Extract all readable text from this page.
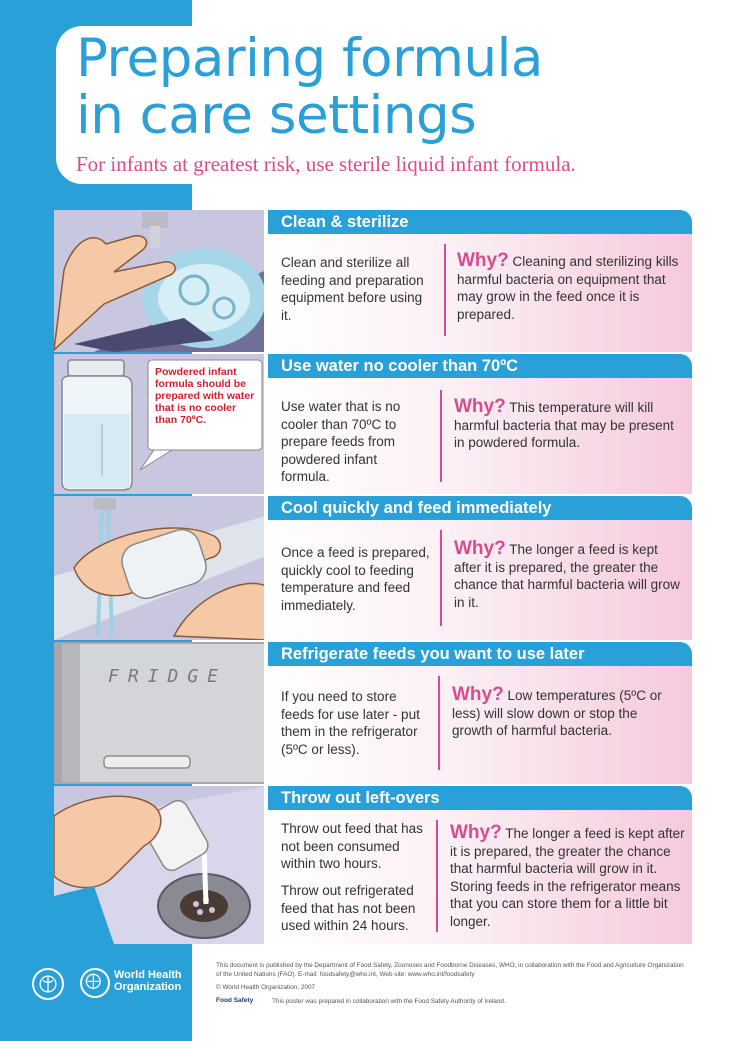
Preparing formula
in care settings
For infants at greatest risk, use sterile liquid infant formula.
Clean & sterilize
Clean and sterilize all feeding and preparation equipment before using it.
Why? Cleaning and sterilizing kills harmful bacteria on equipment that may grow in the feed once it is prepared.
Powdered infant formula should be prepared with water that is no cooler than 70ºC.
Use water no cooler than 70ºC
Use water that is no cooler than 70ºC to prepare feeds from powdered infant formula.
Why? This temperature will kill harmful bacteria that may be present in powdered formula.
Cool quickly and feed immediately
Once a feed is prepared, quickly cool to feeding temperature and feed immediately.
Why? The longer a feed is kept after it is prepared, the greater the chance that harmful bacteria will grow in it.
FRIDGE
Refrigerate feeds you want to use later
If you need to store feeds for use later - put them in the refrigerator (5ºC or less).
Why? Low temperatures (5ºC or less) will slow down or stop the growth of harmful bacteria.
Throw out left-overs
Throw out feed that has not been consumed within two hours.
Throw out refrigerated feed that has not been used within 24 hours.
Why? The longer a feed is kept after it is prepared, the greater the chance that harmful bacteria will grow in it. Storing feeds in the refrigerator means that you can store them for a little bit longer.
World Health
Organization
This document is published by the Department of Food Safety, Zoonoses and Foodborne Diseases, WHO, in collaboration with the Food and Agriculture Organization of the United Nations (FAO). E-mail: foodsafety@who.int, Web site: www.who.int/foodsafety
© World Health Organization, 2007
Food Safety	This poster was prepared in collaboration with the Food Safety Authority of Ireland.
